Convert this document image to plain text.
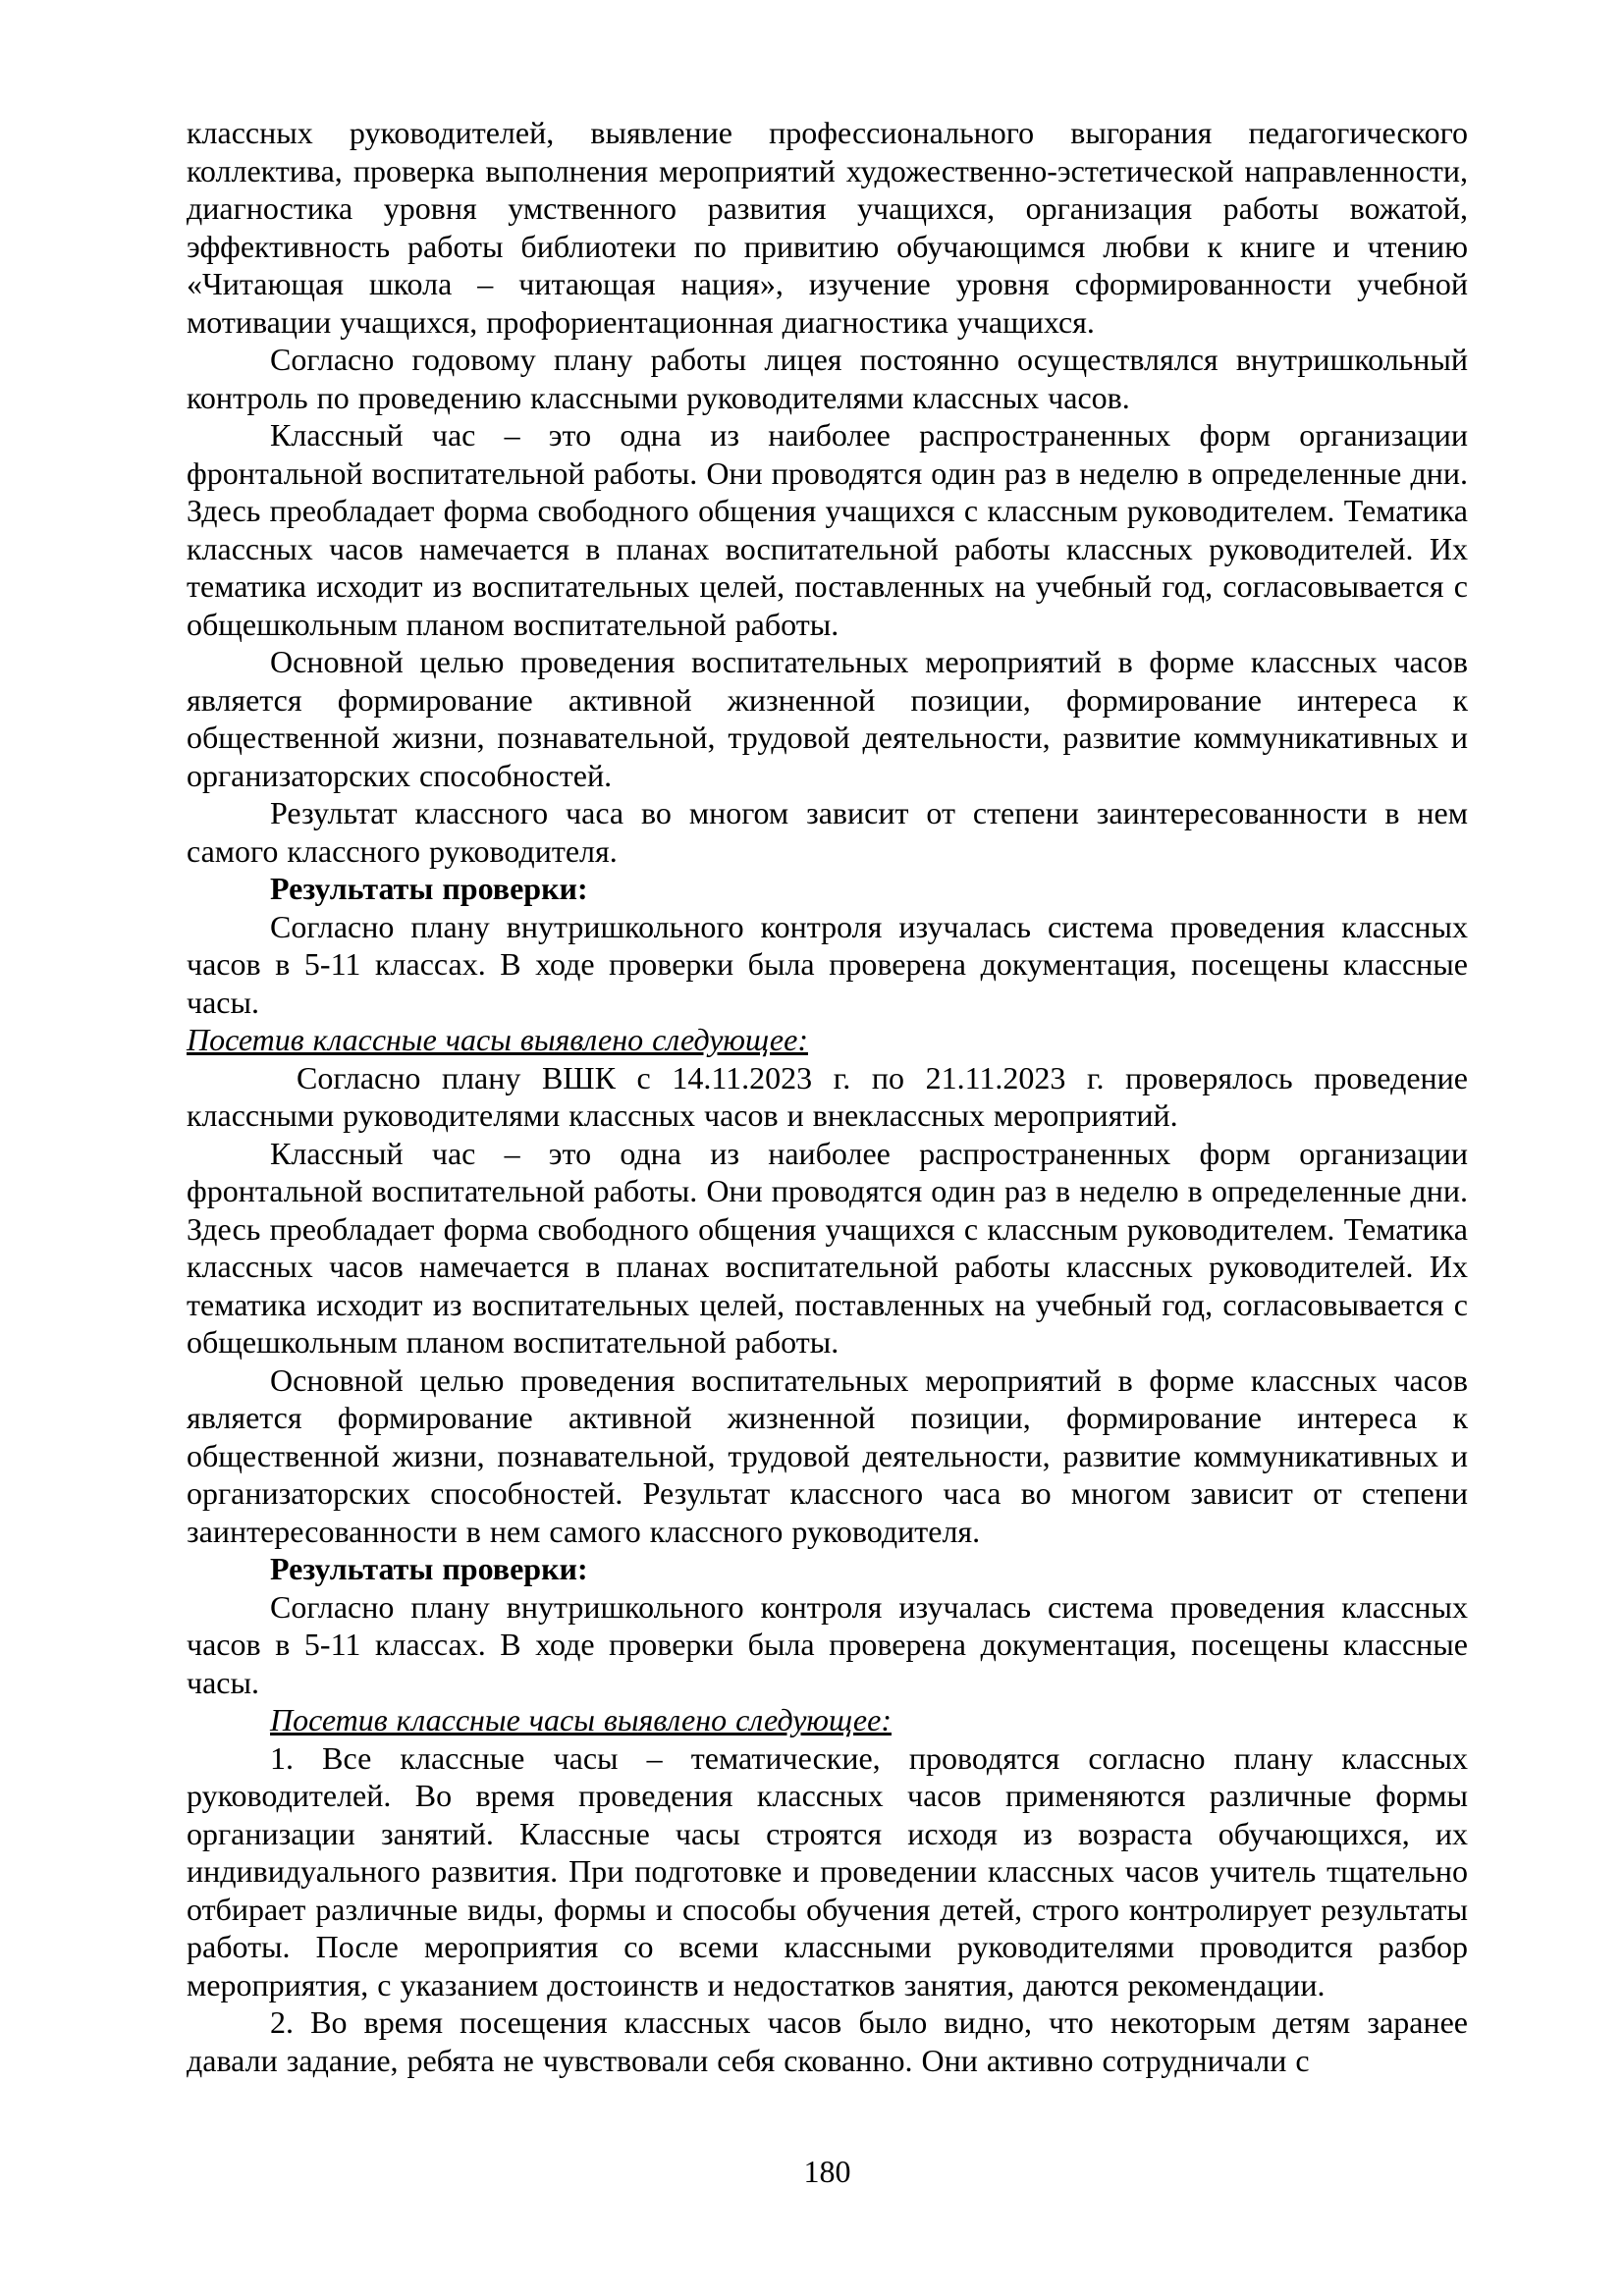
классных руководителей, выявление профессионального выгорания педагогического коллектива, проверка выполнения мероприятий художественно-эстетической направленности, диагностика уровня умственного развития учащихся, организация работы вожатой, эффективность работы библиотеки по привитию обучающимся любви к книге и чтению «Читающая школа – читающая нация», изучение уровня сформированности учебной мотивации учащихся, профориентационная диагностика учащихся.

Согласно годовому плану работы лицея постоянно осуществлялся внутришкольный контроль по проведению классными руководителями классных часов.

Классный час – это одна из наиболее распространенных форм организации фронтальной воспитательной работы. Они проводятся один раз в неделю в определенные дни. Здесь преобладает форма свободного общения учащихся с классным руководителем. Тематика классных часов намечается в планах воспитательной работы классных руководителей. Их тематика исходит из воспитательных целей, поставленных на учебный год, согласовывается с общешкольным планом воспитательной работы.

Основной целью проведения воспитательных мероприятий в форме классных часов является формирование активной жизненной позиции, формирование интереса к общественной жизни, познавательной, трудовой деятельности, развитие коммуникативных и организаторских способностей.

Результат классного часа во многом зависит от степени заинтересованности в нем самого классного руководителя.

Результаты проверки:

Согласно плану внутришкольного контроля изучалась система проведения классных часов в 5-11 классах. В ходе проверки была проверена документация, посещены классные часы.

Посетив классные часы выявлено следующее:

Согласно плану ВШК с 14.11.2023 г. по 21.11.2023 г. проверялось проведение классными руководителями классных часов и внеклассных мероприятий.

Классный час – это одна из наиболее распространенных форм организации фронтальной воспитательной работы. Они проводятся один раз в неделю в определенные дни. Здесь преобладает форма свободного общения учащихся с классным руководителем. Тематика классных часов намечается в планах воспитательной работы классных руководителей. Их тематика исходит из воспитательных целей, поставленных на учебный год, согласовывается с общешкольным планом воспитательной работы.

Основной целью проведения воспитательных мероприятий в форме классных часов является формирование активной жизненной позиции, формирование интереса к общественной жизни, познавательной, трудовой деятельности, развитие коммуникативных и организаторских способностей. Результат классного часа во многом зависит от степени заинтересованности в нем самого классного руководителя.

Результаты проверки:

Согласно плану внутришкольного контроля изучалась система проведения классных часов в 5-11 классах. В ходе проверки была проверена документация, посещены классные часы.

Посетив классные часы выявлено следующее:

1. Все классные часы – тематические, проводятся согласно плану классных руководителей. Во время проведения классных часов применяются различные формы организации занятий. Классные часы строятся исходя из возраста обучающихся, их индивидуального развития. При подготовке и проведении классных часов учитель тщательно отбирает различные виды, формы и способы обучения детей, строго контролирует результаты работы. После мероприятия со всеми классными руководителями проводится разбор мероприятия, с указанием достоинств и недостатков занятия, даются рекомендации.

2. Во время посещения классных часов было видно, что некоторым детям заранее давали задание, ребята не чувствовали себя скованно. Они активно сотрудничали с

180
